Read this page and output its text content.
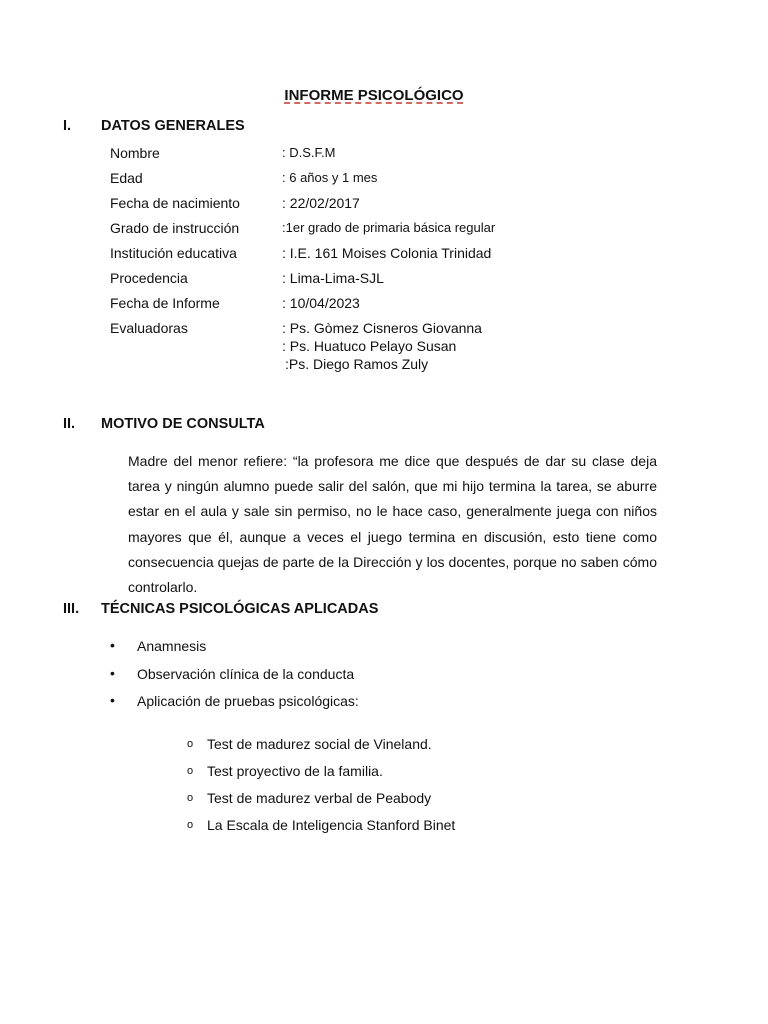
INFORME PSICOLÓGICO
I. DATOS GENERALES
Nombre	: D.S.F.M
Edad	: 6 años y 1 mes
Fecha de nacimiento	: 22/02/2017
Grado de instrucción	:1er grado de primaria básica regular
Institución educativa	: I.E. 161 Moises Colonia Trinidad
Procedencia	: Lima-Lima-SJL
Fecha de Informe	: 10/04/2023
Evaluadoras	: Ps. Gòmez Cisneros Giovanna
: Ps. Huatuco Pelayo Susan
:Ps. Diego Ramos Zuly
II. MOTIVO DE CONSULTA
Madre del menor refiere: “la profesora me dice que después de dar su clase deja tarea y ningún alumno puede salir del salón, que mi hijo termina la tarea, se aburre estar en el aula y sale sin permiso, no le hace caso, generalmente juega con niños mayores que él, aunque a veces el juego termina en discusión, esto tiene como consecuencia quejas de parte de la Dirección y los docentes, porque no saben cómo controlarlo.
III. TÉCNICAS PSICOLÓGICAS APLICADAS
• Anamnesis
• Observación clínica de la conducta
• Aplicación de pruebas psicológicas:
o Test de madurez social de Vineland.
o Test proyectivo de la familia.
o Test de madurez verbal de Peabody
o La Escala de Inteligencia Stanford Binet
